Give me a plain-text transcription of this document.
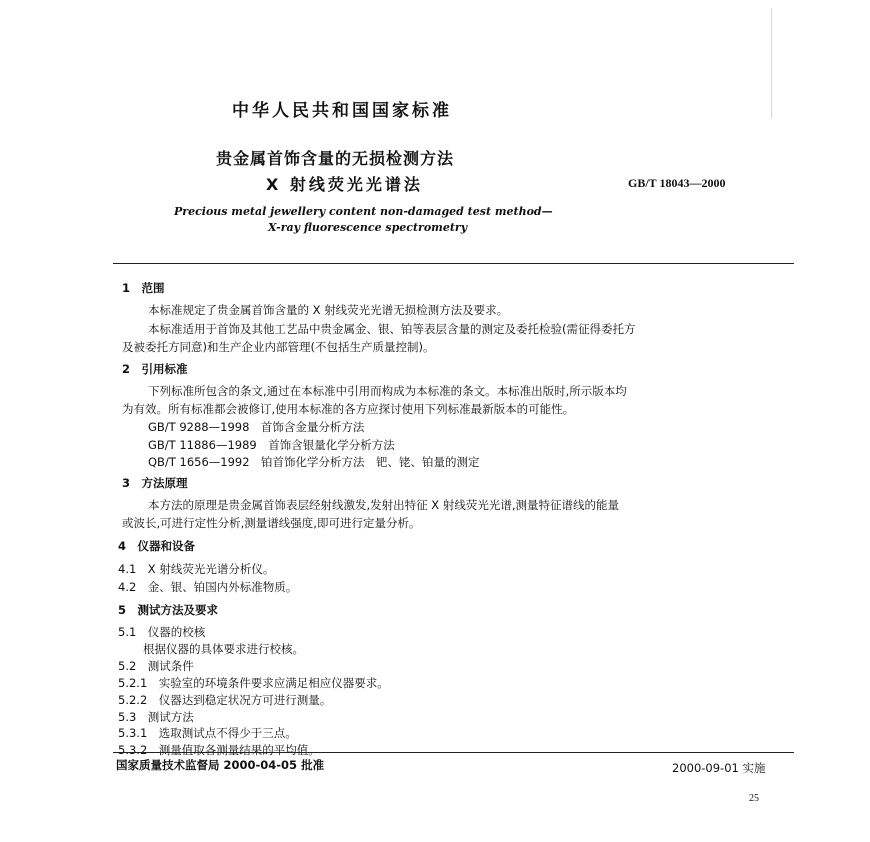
中华人民共和国国家标准
贵金属首饰含量的无损检测方法
X 射线荧光光谱法	GB/T 18043—2000
Precious metal jewellery content non-damaged test method—
X-ray fluorescence spectrometry
1　范围
本标准规定了贵金属首饰含量的 X 射线荧光光谱无损检测方法及要求。
本标准适用于首饰及其他工艺品中贵金属金、银、铂等表层含量的测定及委托检验(需征得委托方
及被委托方同意)和生产企业内部管理(不包括生产质量控制)。
2　引用标准
下列标准所包含的条文,通过在本标准中引用而构成为本标准的条文。本标准出版时,所示版本均
为有效。所有标准都会被修订,使用本标准的各方应探讨使用下列标准最新版本的可能性。
GB/T 9288—1998　首饰含金量分析方法
GB/T 11886—1989　首饰含银量化学分析方法
QB/T 1656—1992　铂首饰化学分析方法　钯、铑、铂量的测定
3　方法原理
本方法的原理是贵金属首饰表层经射线激发,发射出特征 X 射线荧光光谱,测量特征谱线的能量
或波长,可进行定性分析,测量谱线强度,即可进行定量分析。
4　仪器和设备
4.1　X 射线荧光光谱分析仪。
4.2　金、银、铂国内外标准物质。
5　测试方法及要求
5.1　仪器的校核
根据仪器的具体要求进行校核。
5.2　测试条件
5.2.1　实验室的环境条件要求应满足相应仪器要求。
5.2.2　仪器达到稳定状况方可进行测量。
5.3　测试方法
5.3.1　选取测试点不得少于三点。
5.3.2　测量值取各测量结果的平均值。
国家质量技术监督局 2000-04-05 批准	2000-09-01 实施
25
